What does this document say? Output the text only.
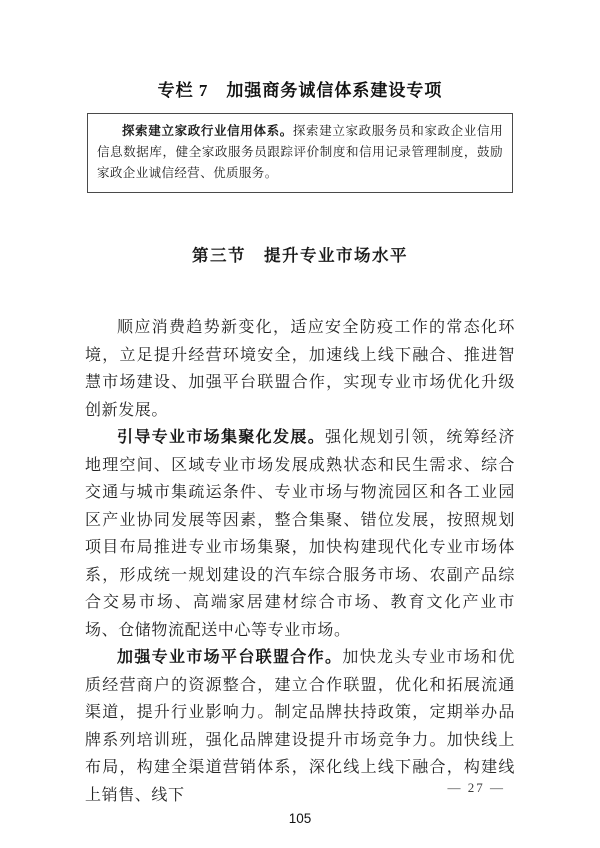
专栏 7　加强商务诚信体系建设专项

探索建立家政行业信用体系。探索建立家政服务员和家政企业信用信息数据库，健全家政服务员跟踪评价制度和信用记录管理制度，鼓励家政企业诚信经营、优质服务。

第三节　提升专业市场水平

顺应消费趋势新变化，适应安全防疫工作的常态化环境，立足提升经营环境安全，加速线上线下融合、推进智慧市场建设、加强平台联盟合作，实现专业市场优化升级创新发展。

引导专业市场集聚化发展。强化规划引领，统筹经济地理空间、区域专业市场发展成熟状态和民生需求、综合交通与城市集疏运条件、专业市场与物流园区和各工业园区产业协同发展等因素，整合集聚、错位发展，按照规划项目布局推进专业市场集聚，加快构建现代化专业市场体系，形成统一规划建设的汽车综合服务市场、农副产品综合交易市场、高端家居建材综合市场、教育文化产业市场、仓储物流配送中心等专业市场。

加强专业市场平台联盟合作。加快龙头专业市场和优质经营商户的资源整合，建立合作联盟，优化和拓展流通渠道，提升行业影响力。制定品牌扶持政策，定期举办品牌系列培训班，强化品牌建设提升市场竞争力。加快线上布局，构建全渠道营销体系，深化线上线下融合，构建线上销售、线下	— 27 —
105
